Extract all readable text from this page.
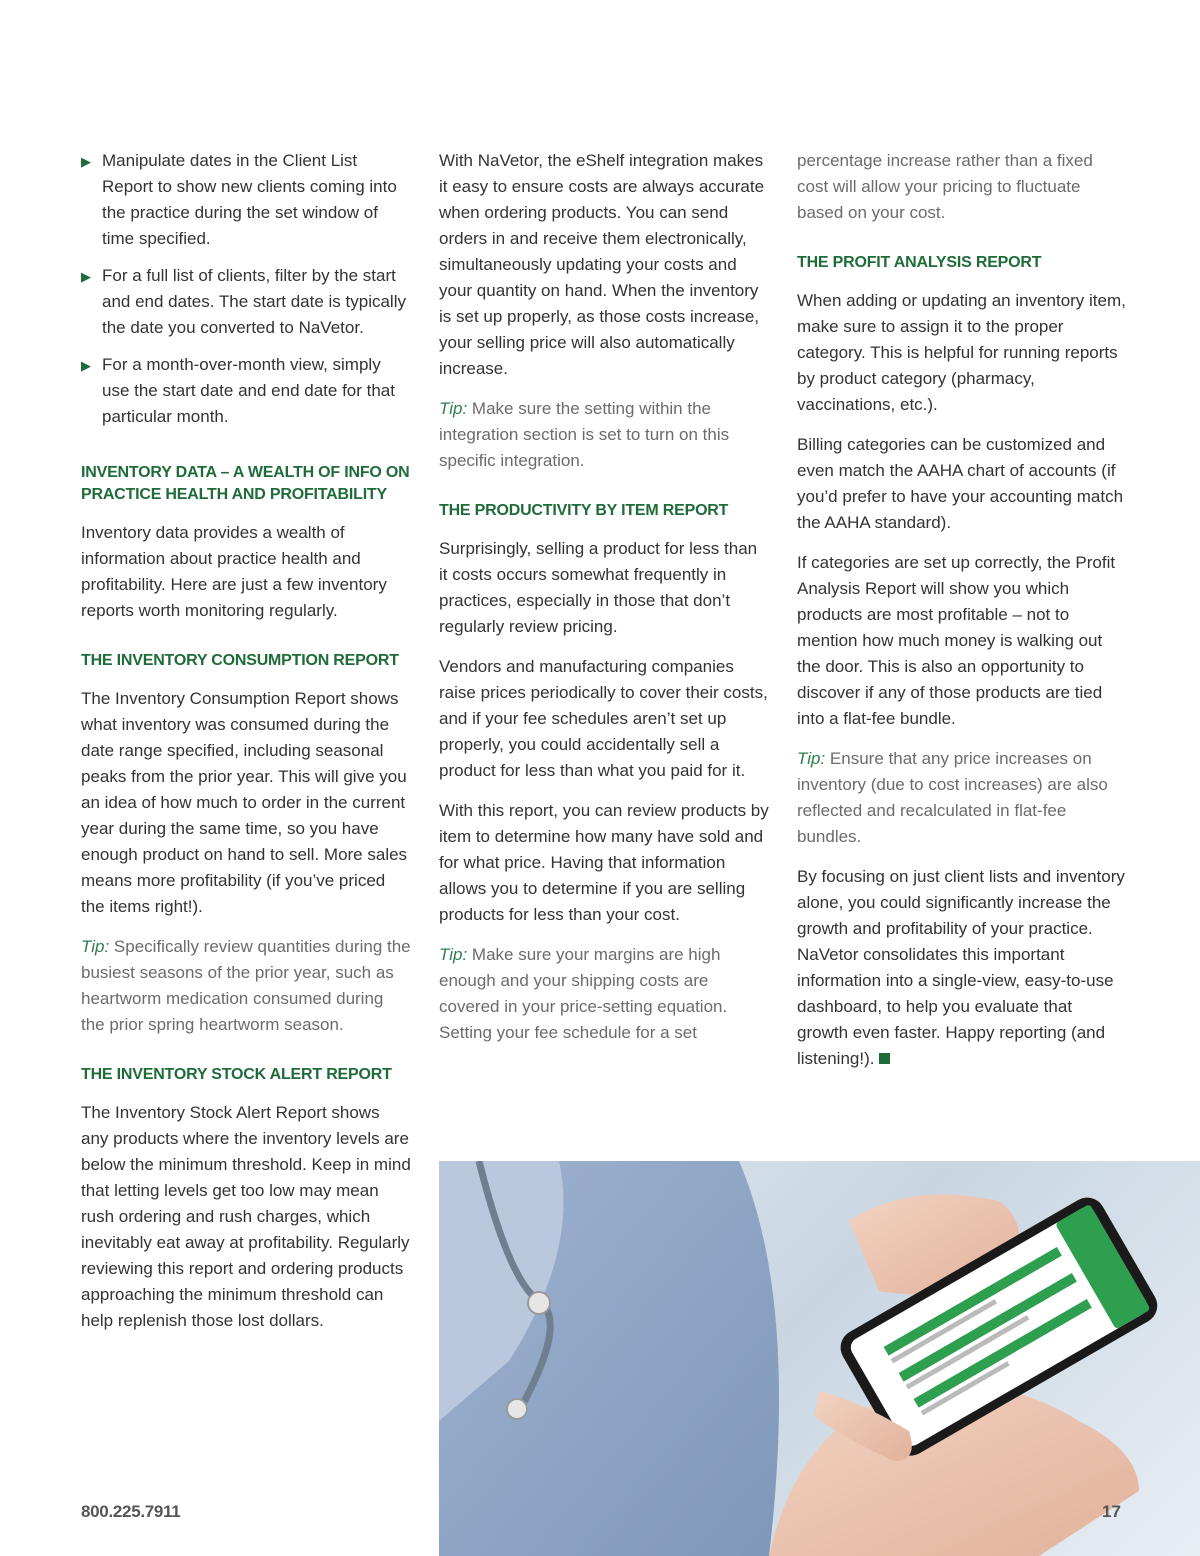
▶ Manipulate dates in the Client List Report to show new clients coming into the practice during the set window of time specified.
▶ For a full list of clients, filter by the start and end dates. The start date is typically the date you converted to NaVetor.
▶ For a month-over-month view, simply use the start date and end date for that particular month.
INVENTORY DATA – A WEALTH OF INFO ON PRACTICE HEALTH AND PROFITABILITY

Inventory data provides a wealth of information about practice health and profitability. Here are just a few inventory reports worth monitoring regularly.

THE INVENTORY CONSUMPTION REPORT

The Inventory Consumption Report shows what inventory was consumed during the date range specified, including seasonal peaks from the prior year. This will give you an idea of how much to order in the current year during the same time, so you have enough product on hand to sell. More sales means more profitability (if you’ve priced the items right!).

Tip: Specifically review quantities during the busiest seasons of the prior year, such as heartworm medication consumed during the prior spring heartworm season.

THE INVENTORY STOCK ALERT REPORT

The Inventory Stock Alert Report shows any products where the inventory levels are below the minimum threshold. Keep in mind that letting levels get too low may mean rush ordering and rush charges, which inevitably eat away at profitability. Regularly reviewing this report and ordering products approaching the minimum threshold can help replenish those lost dollars.

With NaVetor, the eShelf integration makes it easy to ensure costs are always accurate when ordering products. You can send orders in and receive them electronically, simultaneously updating your costs and your quantity on hand. When the inventory is set up properly, as those costs increase, your selling price will also automatically increase.

Tip: Make sure the setting within the integration section is set to turn on this specific integration.

THE PRODUCTIVITY BY ITEM REPORT

Surprisingly, selling a product for less than it costs occurs somewhat frequently in practices, especially in those that don’t regularly review pricing.

Vendors and manufacturing companies raise prices periodically to cover their costs, and if your fee schedules aren’t set up properly, you could accidentally sell a product for less than what you paid for it.

With this report, you can review products by item to determine how many have sold and for what price. Having that information allows you to determine if you are selling products for less than your cost.

Tip: Make sure your margins are high enough and your shipping costs are covered in your price-setting equation. Setting your fee schedule for a set

percentage increase rather than a fixed cost will allow your pricing to fluctuate based on your cost.

THE PROFIT ANALYSIS REPORT

When adding or updating an inventory item, make sure to assign it to the proper category. This is helpful for running reports by product category (pharmacy, vaccinations, etc.).

Billing categories can be customized and even match the AAHA chart of accounts (if you’d prefer to have your accounting match the AAHA standard).

If categories are set up correctly, the Profit Analysis Report will show you which products are most profitable – not to mention how much money is walking out the door. This is also an opportunity to discover if any of those products are tied into a flat-fee bundle.

Tip: Ensure that any price increases on inventory (due to cost increases) are also reflected and recalculated in flat-fee bundles.

By focusing on just client lists and inventory alone, you could significantly increase the growth and profitability of your practice. NaVetor consolidates this important information into a single-view, easy-to-use dashboard, to help you evaluate that growth even faster. Happy reporting (and listening!).

800.225.7911	17
